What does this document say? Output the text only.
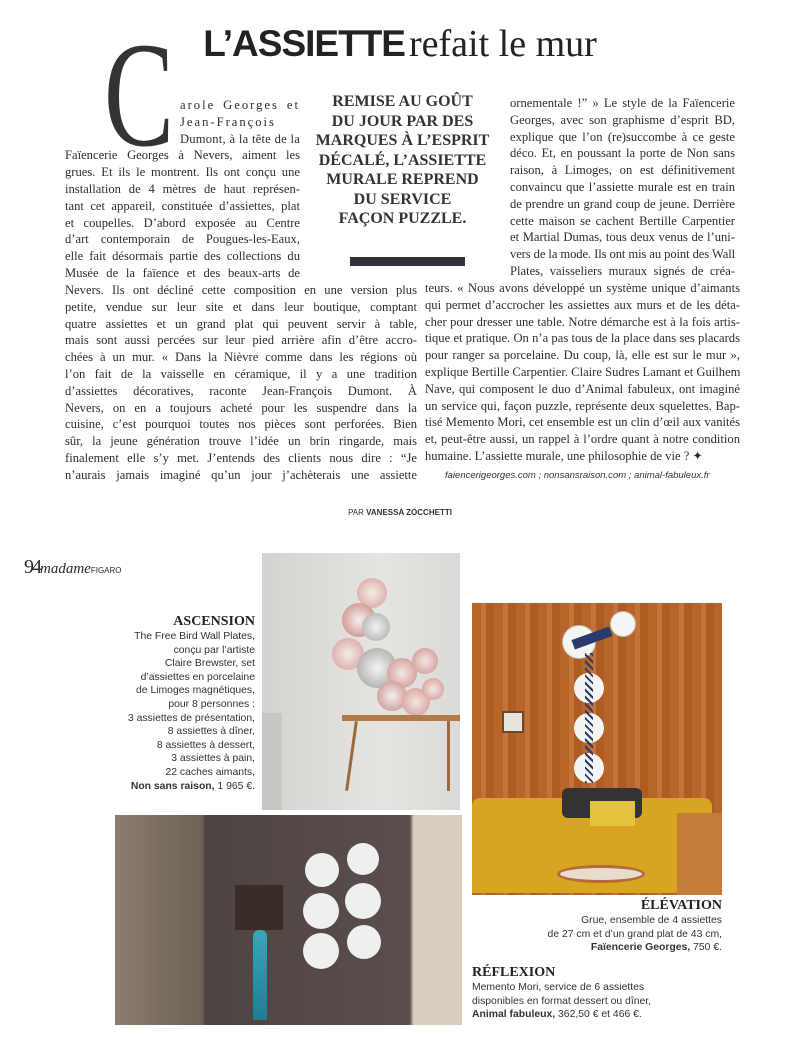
L’ASSIETTE refait le mur
C arole Georges et
Jean-François
Dumont, à la tête de la
Faïencerie Georges à Nevers, aiment les
grues. Et ils le montrent. Ils ont conçu une
installation de 4 mètres de haut représen-
tant cet appareil, constituée d’assiettes, plat
et coupelles. D’abord exposée au Centre
d’art contemporain de Pougues-les-Eaux,
elle fait désormais partie des collections du
Musée de la faïence et des beaux-arts de
Nevers. Ils ont décliné cette composition en une version plus
petite, vendue sur leur site et dans leur boutique, comptant
quatre assiettes et un grand plat qui peuvent servir à table,
mais sont aussi percées sur leur pied arrière afin d’être accro-
chées à un mur. « Dans la Nièvre comme dans les régions où
l’on fait de la vaisselle en céramique, il y a une tradition
d’assiettes décoratives, raconte Jean-François Dumont. À
Nevers, on en a toujours acheté pour les suspendre dans la
cuisine, c’est pourquoi toutes nos pièces sont perforées. Bien
sûr, la jeune génération trouve l’idée un brin ringarde, mais
finalement elle s’y met. J’entends des clients nous dire : “Je
n’aurais jamais imaginé qu’un jour j’achèterais une assiette
ornementale !” » Le style de la Faïencerie
Georges, avec son graphisme d’esprit BD,
explique que l’on (re)succombe à ce geste
déco. Et, en poussant la porte de Non sans
raison, à Limoges, on est définitivement
convaincu que l’assiette murale est en train
de prendre un grand coup de jeune. Derrière
cette maison se cachent Bertille Carpentier
et Martial Dumas, tous deux venus de l’uni-
vers de la mode. Ils ont mis au point des Wall
Plates, vaisseliers muraux signés de créa-
teurs. « Nous avons développé un système unique d’aimants
qui permet d’accrocher les assiettes aux murs et de les déta-
cher pour dresser une table. Notre démarche est à la fois artis-
tique et pratique. On n’a pas tous de la place dans ses placards
pour ranger sa porcelaine. Du coup, là, elle est sur le mur »,
explique Bertille Carpentier. Claire Sudres Lamant et Guilhem
Nave, qui composent le duo d’Animal fabuleux, ont imaginé
un service qui, façon puzzle, représente deux squelettes. Bap-
tisé Memento Mori, cet ensemble est un clin d’œil aux vanités
et, peut-être aussi, un rappel à l’ordre quant à notre condition
humaine. L’assiette murale, une philosophie de vie ? ✦
REMISE AU GOÛT
DU JOUR PAR DES
MARQUES À L’ESPRIT
DÉCALÉ, L’ASSIETTE
MURALE REPREND
DU SERVICE
FAÇON PUZZLE.
faiencerigeorges.com ; nonsansraison.com ; animal-fabuleux.fr
PAR VANESSA ZOCCHETTI
94madameFIGARO
ASCENSION
The Free Bird Wall Plates,
conçu par l’artiste
Claire Brewster, set
d’assiettes en porcelaine
de Limoges magnétiques,
pour 8 personnes :
3 assiettes de présentation,
8 assiettes à dîner,
8 assiettes à dessert,
3 assiettes à pain,
22 caches aimants,
Non sans raison, 1 965 €.
ÉLÉVATION
Grue, ensemble de 4 assiettes
de 27 cm et d’un grand plat de 43 cm,
Faïencerie Georges, 750 €.
RÉFLEXION
Memento Mori, service de 6 assiettes
disponibles en format dessert ou dîner,
Animal fabuleux, 362,50 € et 466 €.
